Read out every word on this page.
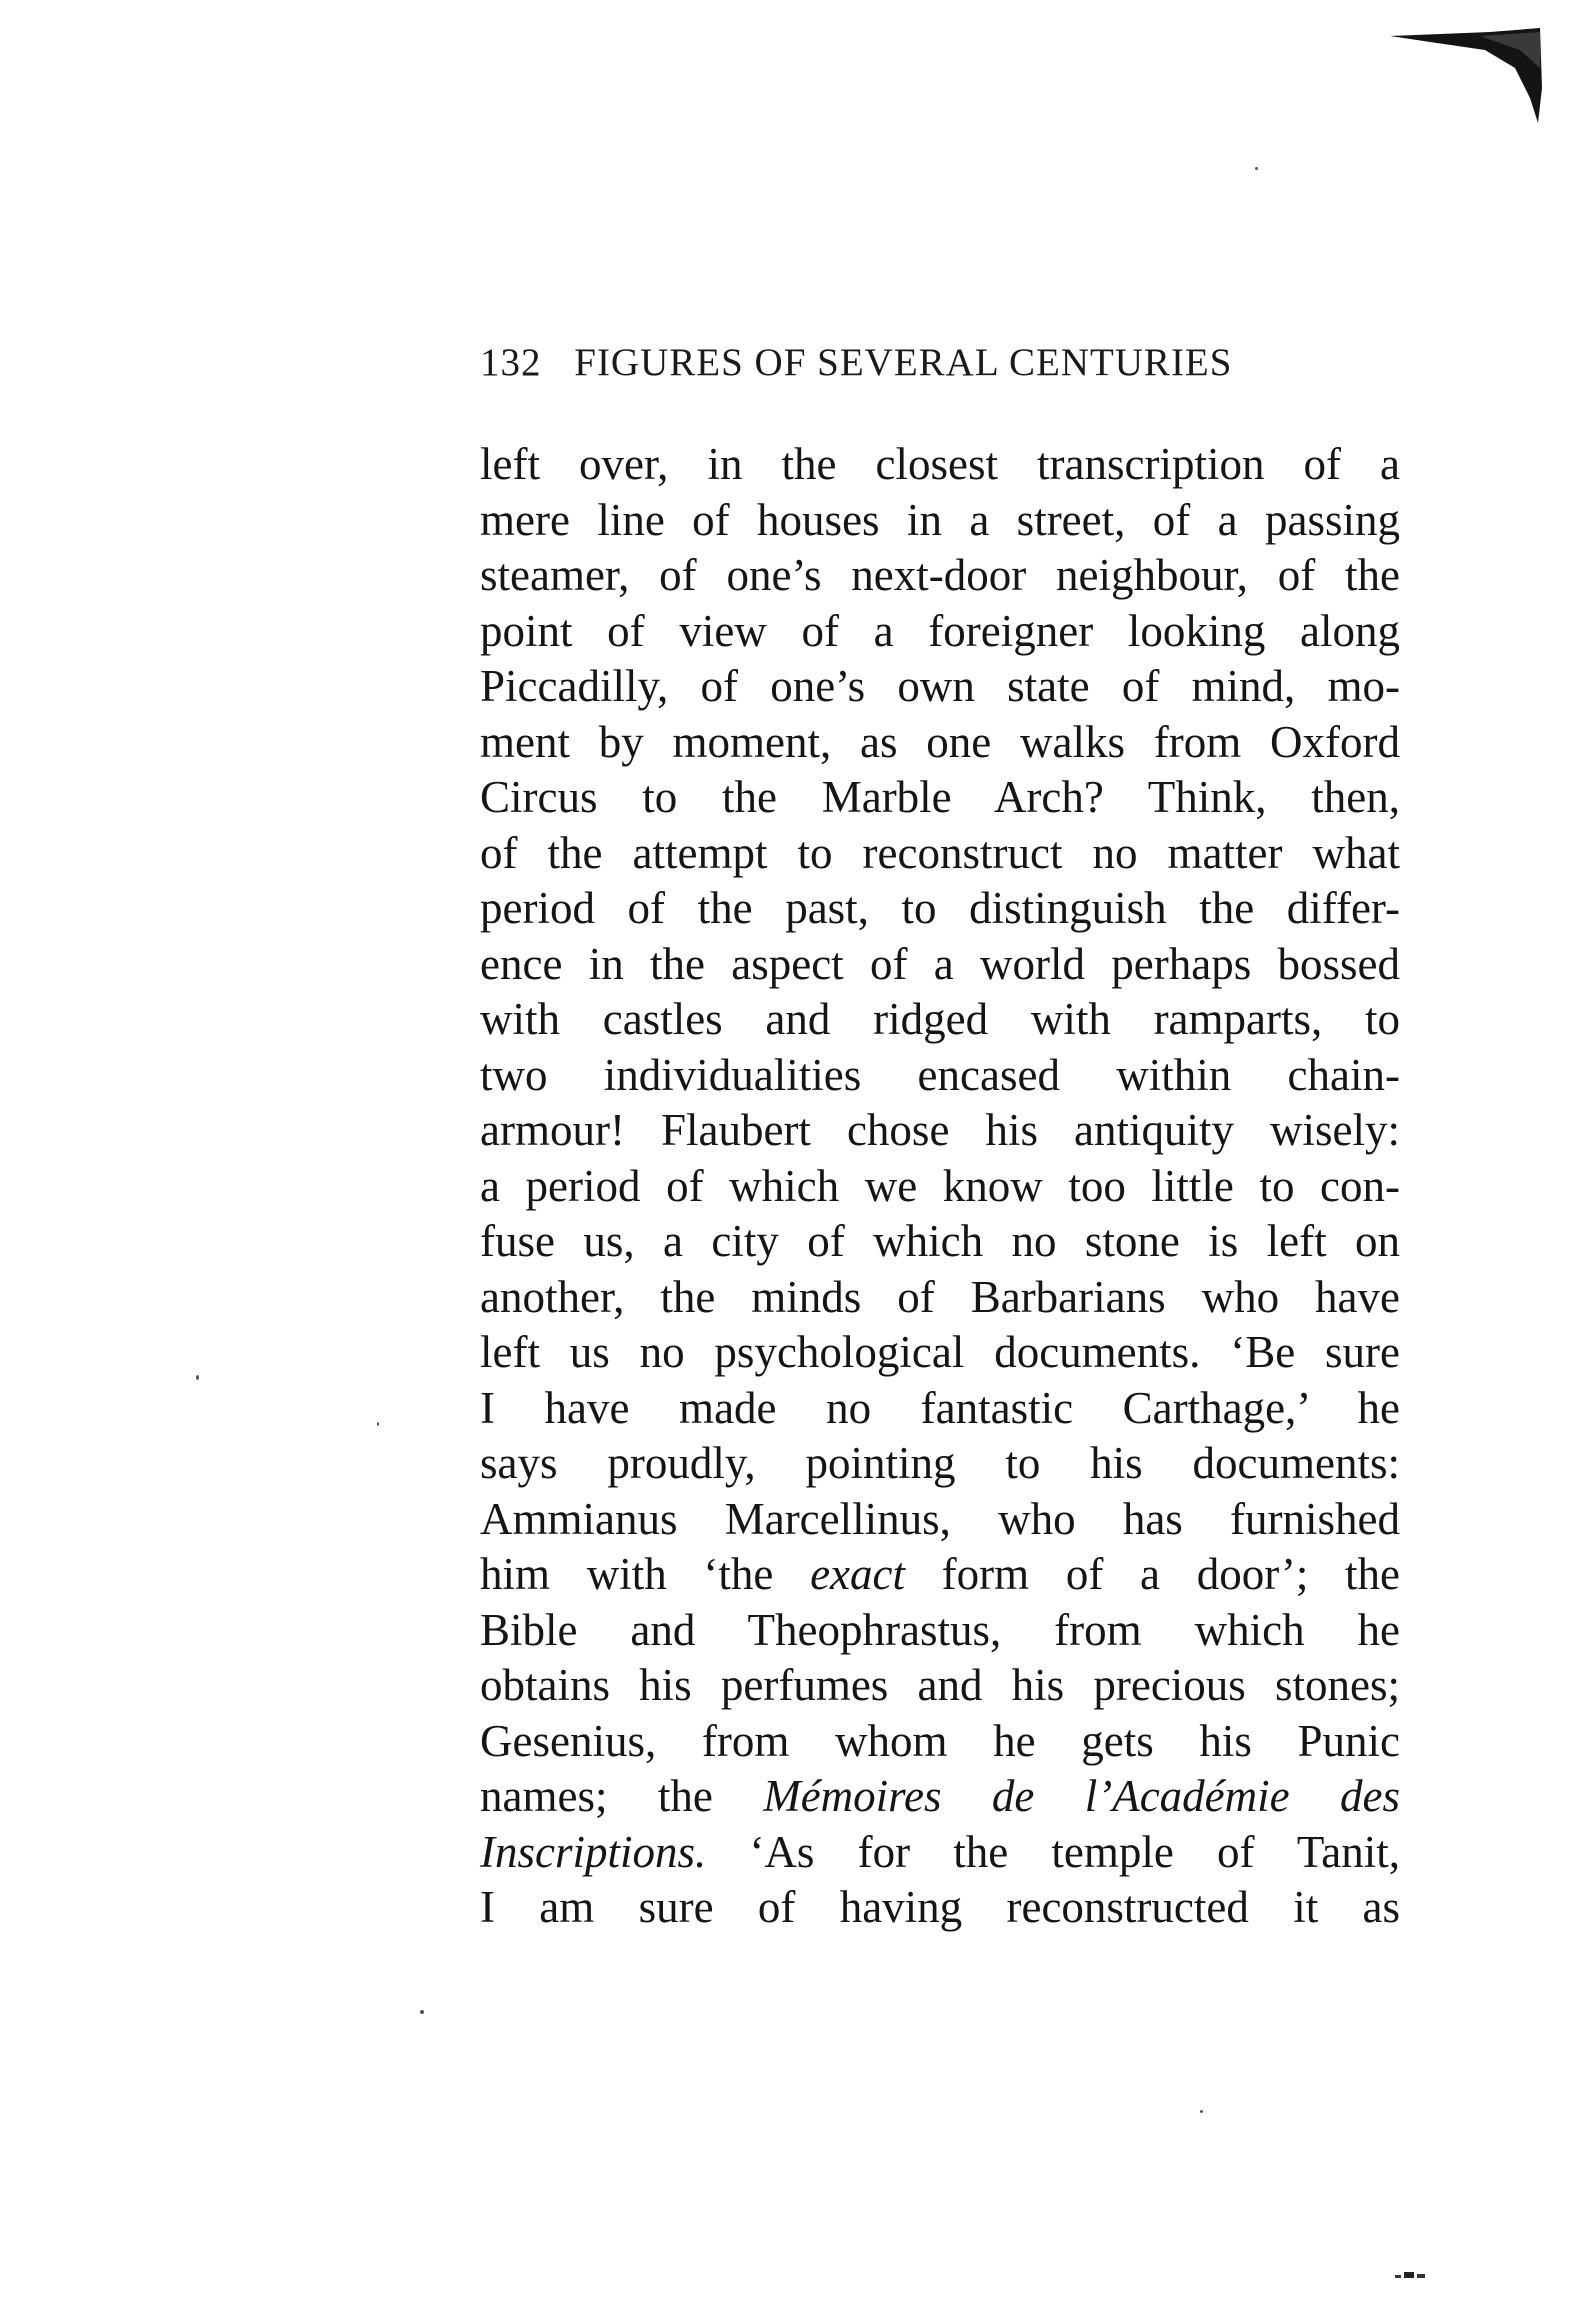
132 FIGURES OF SEVERAL CENTURIES
left over, in the closest transcription of a
mere line of houses in a street, of a passing
steamer, of one’s next-door neighbour, of the
point of view of a foreigner looking along
Piccadilly, of one’s own state of mind, mo-
ment by moment, as one walks from Oxford
Circus to the Marble Arch? Think, then,
of the attempt to reconstruct no matter what
period of the past, to distinguish the differ-
ence in the aspect of a world perhaps bossed
with castles and ridged with ramparts, to
two individualities encased within chain-
armour! Flaubert chose his antiquity wisely:
a period of which we know too little to con-
fuse us, a city of which no stone is left on
another, the minds of Barbarians who have
left us no psychological documents. ‘Be sure
I have made no fantastic Carthage,’ he
says proudly, pointing to his documents:
Ammianus Marcellinus, who has furnished
him with ‘the exact form of a door’; the
Bible and Theophrastus, from which he
obtains his perfumes and his precious stones;
Gesenius, from whom he gets his Punic
names; the Mémoires de l’Académie des
Inscriptions. ‘As for the temple of Tanit,
I am sure of having reconstructed it as
